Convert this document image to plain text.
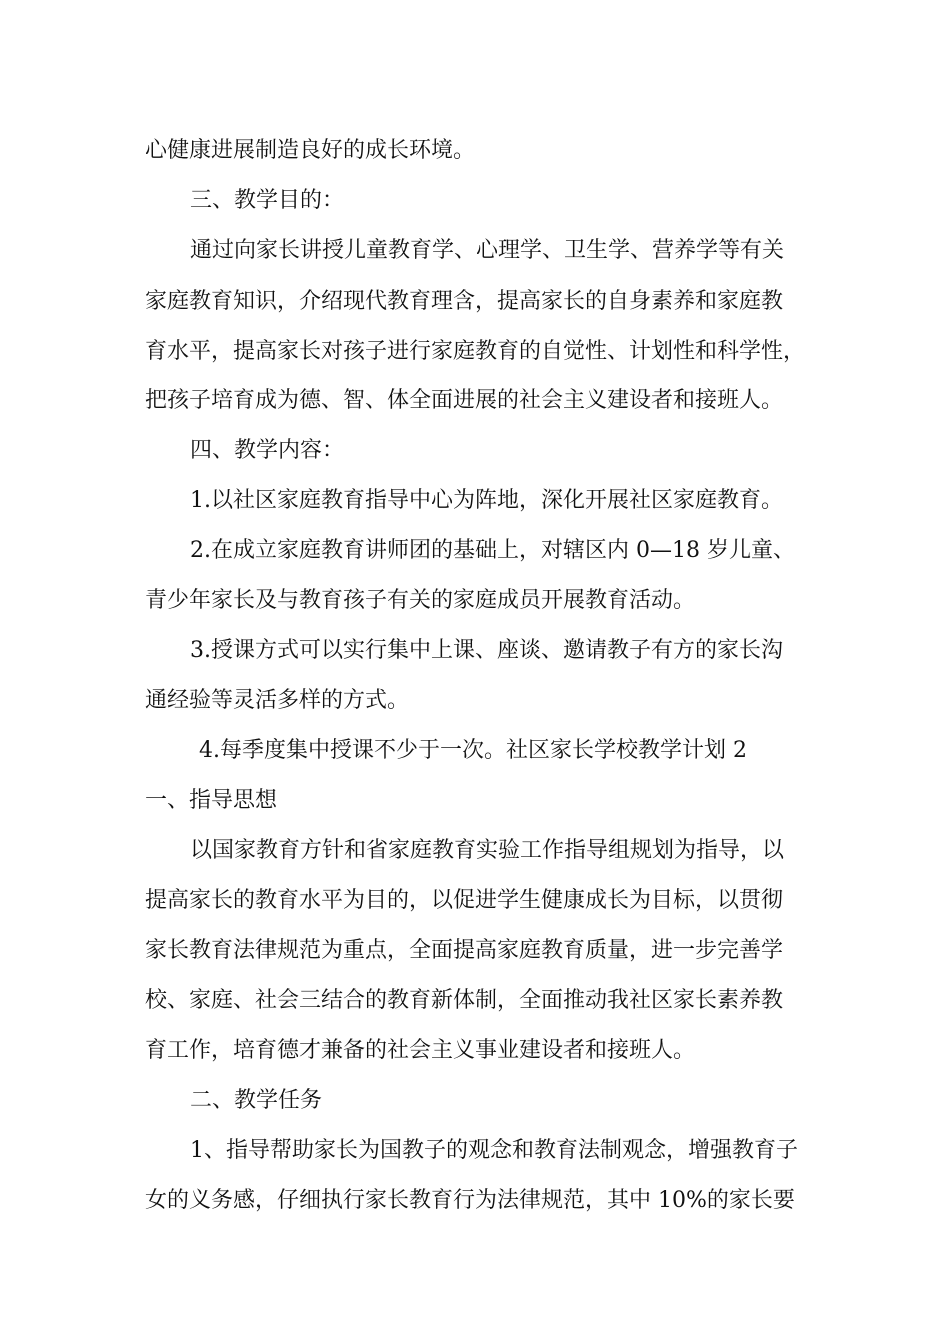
心健康进展制造良好的成长环境。

三、教学目的：

通过向家长讲授儿童教育学、心理学、卫生学、营养学等有关

家庭教育知识，介绍现代教育理含，提高家长的自身素养和家庭教

育水平，提高家长对孩子进行家庭教育的自觉性、计划性和科学性，

把孩子培育成为德、智、体全面进展的社会主义建设者和接班人。

四、教学内容：

1.以社区家庭教育指导中心为阵地，深化开展社区家庭教育。

2.在成立家庭教育讲师团的基础上，对辖区内 0—18 岁儿童、

青少年家长及与教育孩子有关的家庭成员开展教育活动。

3.授课方式可以实行集中上课、座谈、邀请教子有方的家长沟

通经验等灵活多样的方式。

4.每季度集中授课不少于一次。社区家长学校教学计划 2

一、指导思想

以国家教育方针和省家庭教育实验工作指导组规划为指导，以

提高家长的教育水平为目的，以促进学生健康成长为目标，以贯彻

家长教育法律规范为重点，全面提高家庭教育质量，进一步完善学

校、家庭、社会三结合的教育新体制，全面推动我社区家长素养教

育工作，培育德才兼备的社会主义事业建设者和接班人。

二、教学任务

1、指导帮助家长为国教子的观念和教育法制观念，增强教育子

女的义务感，仔细执行家长教育行为法律规范，其中 10%的家长要
